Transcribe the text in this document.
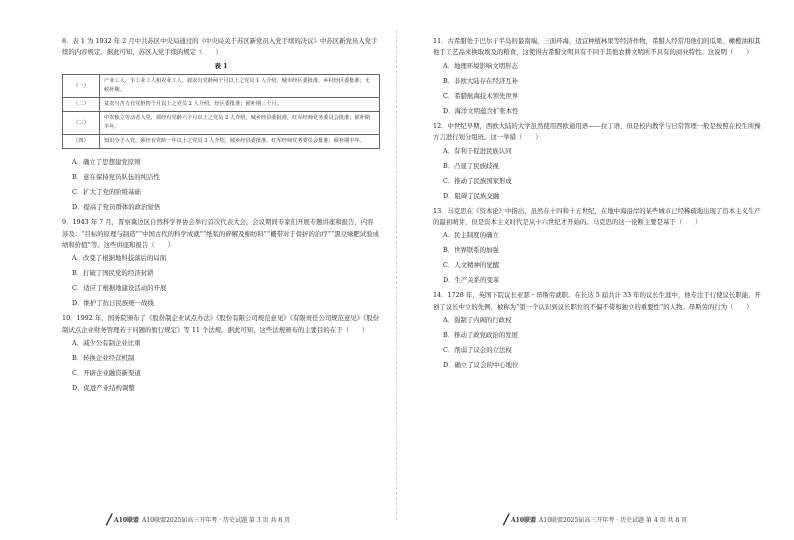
8．表 1 为 1932 年 2 月中共苏区中央局通过的《中央局关于苏区新党员入党手续的决议》中苏区新党员入党手续的内容规定。据此可知，苏区入党手续的规定（　　）
表 1
（一）	产业工人、手工业工人和农业工人、雇农有党龄两个月以上之党员 1 人介绍，城市经区委批准，乡村经区委批准；无候补期。
（二）	贫农与苦力有党龄四个月以上之党员 2 人介绍，经区委批准；候补期三个月。
（三）	中农独立劳动者入党，须经有党龄六个月以上之党员 2 人介绍，城乡经县委批准，红军经师党务委员会批准；候补期半年。
（四）	知识分子入党，须经有党龄一年以上之党员 3 人介绍，城乡经县委批准，红军经师党务委员会批准；候补期半年。
A．确立了思想建党原则
B．意在保持党员队伍的纯洁性
C．扩大了党的阶级基础
D．提高了党员群体的政治觉悟
9．1943 年 7 月，晋察冀边区自然科学界协会举行首次代表大会，会议期间专家们开展专题讲座和报告，内容涉及：“目标的原理与制造”“中国古代的科学成就”“纸浆的碎解及棉纺料”“栅带对于骨折的治疗”“黑豆绿肥试验成绩和价值”等。这些讲座和报告（　　）
A．改变了根据地科技落后的局面
B．打破了国民党的经济封锁
C．适应了根据地建设活动的开展
D．维护了抗日民族统一战线
10．1992 年，国务院颁布了《股份制企业试点办法》《股份有限公司规范意见》《有限责任公司规范意见》《股份制试点企业财务管理若干问题的暂行规定》等 11 个法规。据此可知，这些法规颁布的主要目的在于（　　）
A．减少公有制企业比重
B．转换企业经营机制
C．开辟企业融资新渠道
D．促进产业结构调整
/ A10联盟 A10联盟2025届高三开年考 · 历史试题 第 3 页 共 8 页
11．古希腊处于巴尔干半岛的最南端，三面环海，适宜种植林果等经济作物，希腊人经常用他们的瓜果、橄榄油和其他手工艺品来换取埃及的粮食，这使得古希腊文明具有不同于其他农耕文明所不具有的商业特性。这说明（　　）
A．地理环境影响文明形态
B．非欧大陆存在经济互补
C．希腊航海技术领先世界
D．海洋文明蕴含扩张本性
12．中世纪早期，西欧大陆的大学虽然使用西欧通用语——拉丁语，但是校内教学与日常管理一般是按照在校生所操方言进行划分组班。这一举措（　　）
A．有利于促进民族认同
B．凸显了民族歧视
C．推动了民族国家形成
D．阻碍了民族交融
13．马克思在《资本论》中指出，虽然在十四和十五世纪，在地中海沿岸的某些城市已经稀疏地出现了资本主义生产的最初萌芽，但是资本主义时代是从十六世纪才开始的。马克思的这一论断主要是基于（　　）
A．民主制度的确立
B．世界联系的加强
C．人文精神的觉醒
D．生产关系的变革
14．1728 年，英国下院议长亚瑟・昂斯劳就职。在长达 5 届共计 33 年的议长生涯中，他专注于行使议长职能，开创了议长中立的先例，被称为“第一个认识到议长职位的不偏不倚和独立的重要性”的人物。昂斯劳的行为（　　）
A．遏制了内阁的行政权
B．推动了政党政治的发展
C．削弱了议会的立法权
D．确立了议会的中心地位
/ A10联盟 A10联盟2025届高三开年考 · 历史试题 第 4 页 共 8 页
